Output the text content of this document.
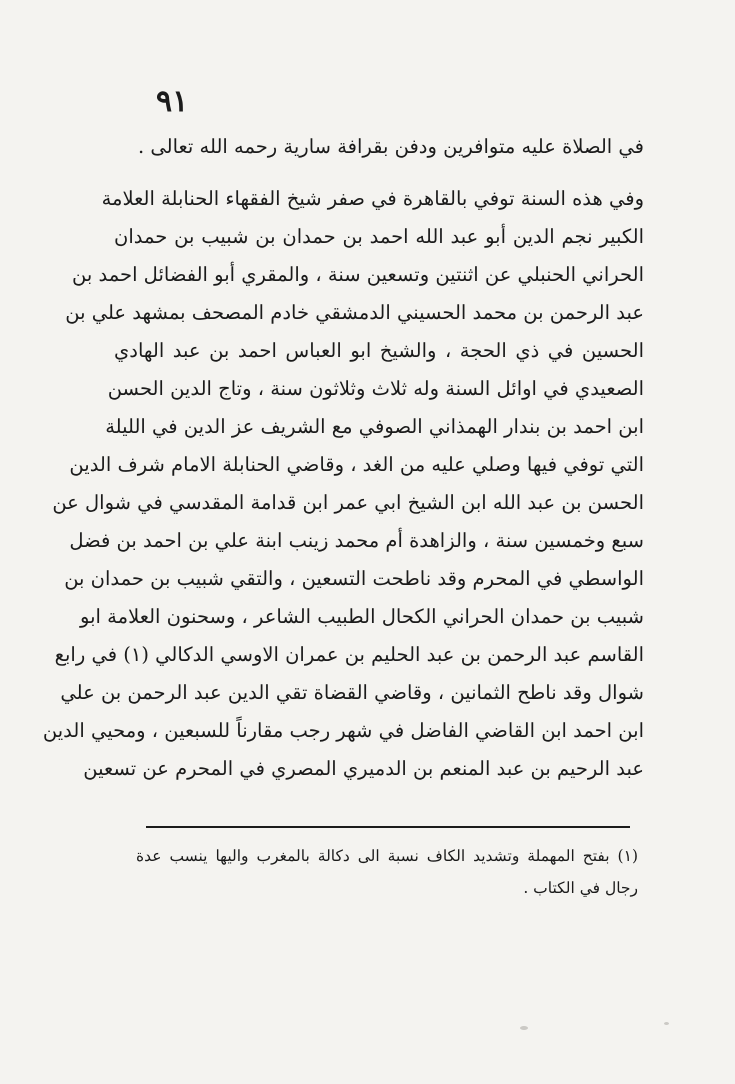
٩١
في الصلاة عليه متوافرين ودفن بقرافة سارية رحمه الله تعالى .
وفي هذه السنة توفي بالقاهرة في صفر شيخ الفقهاء الحنابلة العلامة
الكبير نجم الدين أبو عبد الله احمد بن حمدان بن شبيب بن حمدان
الحراني الحنبلي عن اثنتين وتسعين سنة ، والمقري أبو الفضائل احمد بن
عبد الرحمن بن محمد الحسيني الدمشقي خادم المصحف بمشهد علي بن
الحسين في ذي الحجة ، والشيخ ابو العباس احمد بن عبد الهادي
الصعيدي في اوائل السنة وله ثلاث وثلاثون سنة ، وتاج الدين الحسن
ابن احمد بن بندار الهمذاني الصوفي مع الشريف عز الدين في الليلة
التي توفي فيها وصلي عليه من الغد ، وقاضي الحنابلة الامام شرف الدين
الحسن بن عبد الله ابن الشيخ ابي عمر ابن قدامة المقدسي في شوال عن
سبع وخمسين سنة ، والزاهدة أم محمد زينب ابنة علي بن احمد بن فضل
الواسطي في المحرم وقد ناطحت التسعين ، والتقي شبيب بن حمدان بن
شبيب بن حمدان الحراني الكحال الطبيب الشاعر ، وسحنون العلامة ابو
القاسم عبد الرحمن بن عبد الحليم بن عمران الاوسي الدكالي (١) في رابع
شوال وقد ناطح الثمانين ، وقاضي القضاة تقي الدين عبد الرحمن بن علي
ابن احمد ابن القاضي الفاضل في شهر رجب مقارناً للسبعين ، ومحيي الدين
عبد الرحيم بن عبد المنعم بن الدميري المصري في المحرم عن تسعين
(١) بفتح المهملة وتشديد الكاف نسبة الى دكالة بالمغرب واليها ينسب عدة
رجال في الكتاب .
